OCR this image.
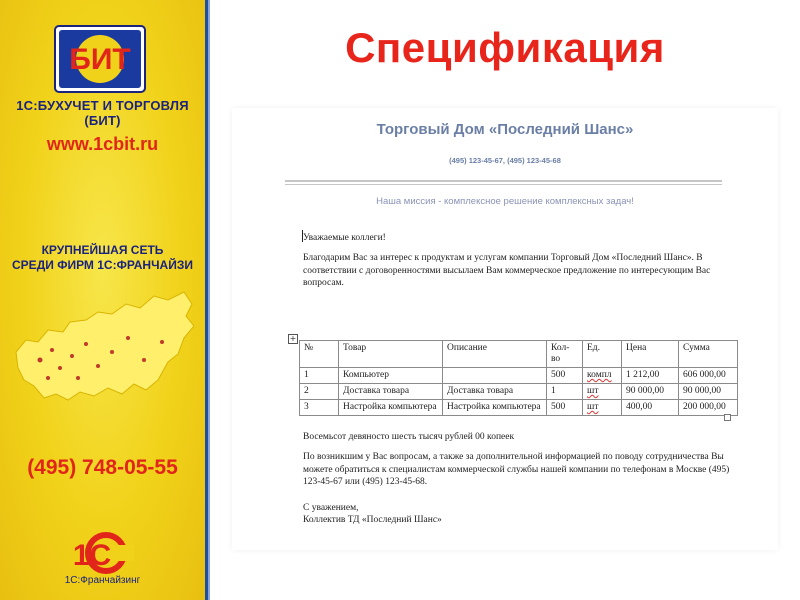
БИТ
1С:БУХУЧЕТ И ТОРГОВЛЯ
(БИТ)
www.1cbit.ru
КРУПНЕЙШАЯ СЕТЬ
СРЕДИ ФИРМ 1С:ФРАНЧАЙЗИ
(495) 748-05-55
1С
1С:Франчайзинг
Спецификация
Торговый Дом «Последний Шанс»
(495) 123-45-67, (495) 123-45-68
Наша миссия - комплексное решение комплексных задач!
Уважаемые коллеги!
Благодарим Вас за интерес к продуктам и услугам компании Торговый Дом «Последний Шанс». В соответствии с договоренностями высылаем Вам коммерческое предложение по интересующим Вас вопросам.
+
№	Товар	Описание	Кол-во	Ед.	Цена	Сумма
1	Компьютер		500	компл	1 212,00	606 000,00
2	Доставка товара	Доставка товара	1	шт	90 000,00	90 000,00
3	Настройка компьютера	Настройка компьютера	500	шт	400,00	200 000,00
Восемьсот девяносто шесть тысяч рублей 00 копеек
По возникшим у Вас вопросам, а также за дополнительной информацией по поводу сотрудничества Вы можете обратиться к специалистам коммерческой службы нашей компании по телефонам в Москве (495) 123-45-67 или (495) 123-45-68.
С уважением,
Коллектив ТД «Последний Шанс»
